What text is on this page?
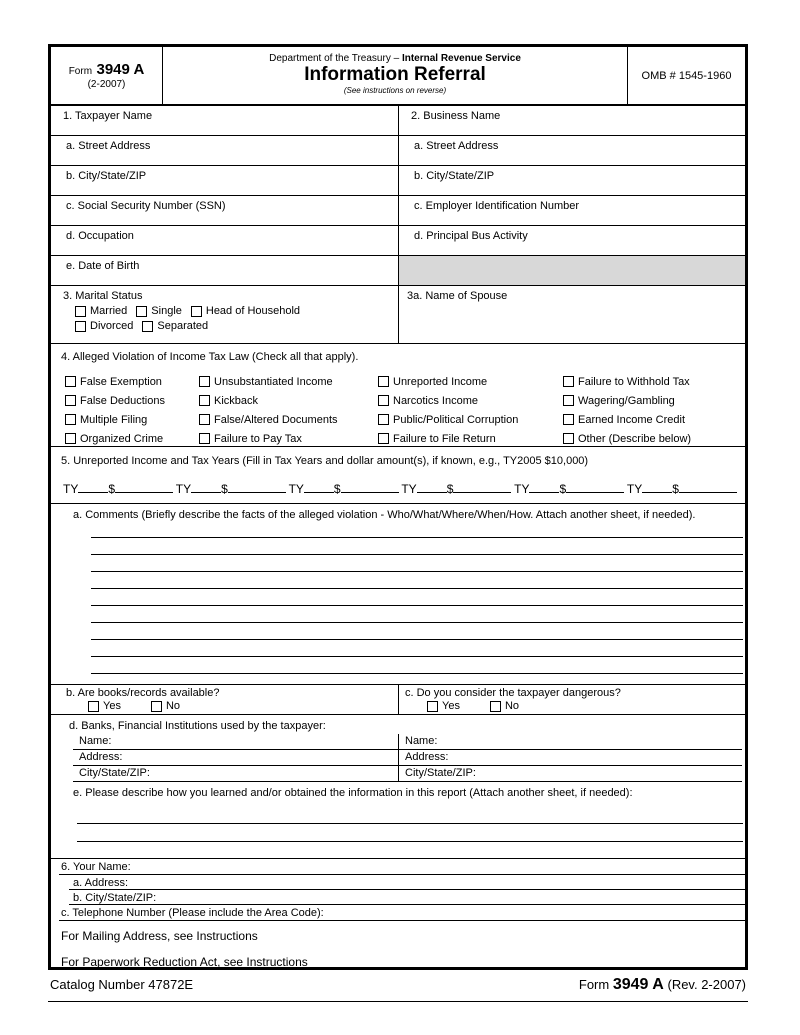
Form 3949 A
(2-2007)
Department of the Treasury – Internal Revenue Service
Information Referral
(See instructions on reverse)
OMB # 1545-1960
1. Taxpayer Name	2. Business Name
a. Street Address	a. Street Address
b. City/State/ZIP	b. City/State/ZIP
c. Social Security Number (SSN)	c. Employer Identification Number
d. Occupation	d. Principal Bus Activity
e. Date of Birth
3. Marital Status
Married Single Head of Household
Divorced Separated
3a. Name of Spouse
4. Alleged Violation of Income Tax Law (Check all that apply).
False Exemption	Unsubstantiated Income	Unreported Income	Failure to Withhold Tax
False Deductions	Kickback	Narcotics Income	Wagering/Gambling
Multiple Filing	False/Altered Documents	Public/Political Corruption	Earned Income Credit
Organized Crime	Failure to Pay Tax	Failure to File Return	Other (Describe below)
5. Unreported Income and Tax Years (Fill in Tax Years and dollar amount(s), if known, e.g., TY2005 $10,000)
TY	$	TY	$	TY	$	TY	$	TY	$	TY	$
a. Comments (Briefly describe the facts of the alleged violation - Who/What/Where/When/How. Attach another sheet, if needed).
b. Are books/records available?
Yes	No
c. Do you consider the taxpayer dangerous?
Yes	No
d. Banks, Financial Institutions used by the taxpayer:
Name:	Name:
Address:	Address:
City/State/ZIP:	City/State/ZIP:
e. Please describe how you learned and/or obtained the information in this report (Attach another sheet, if needed):
6. Your Name:
a. Address:
b. City/State/ZIP:
c. Telephone Number (Please include the Area Code):
For Mailing Address, see Instructions
For Paperwork Reduction Act, see Instructions
Catalog Number 47872E	Form 3949 A (Rev. 2-2007)
